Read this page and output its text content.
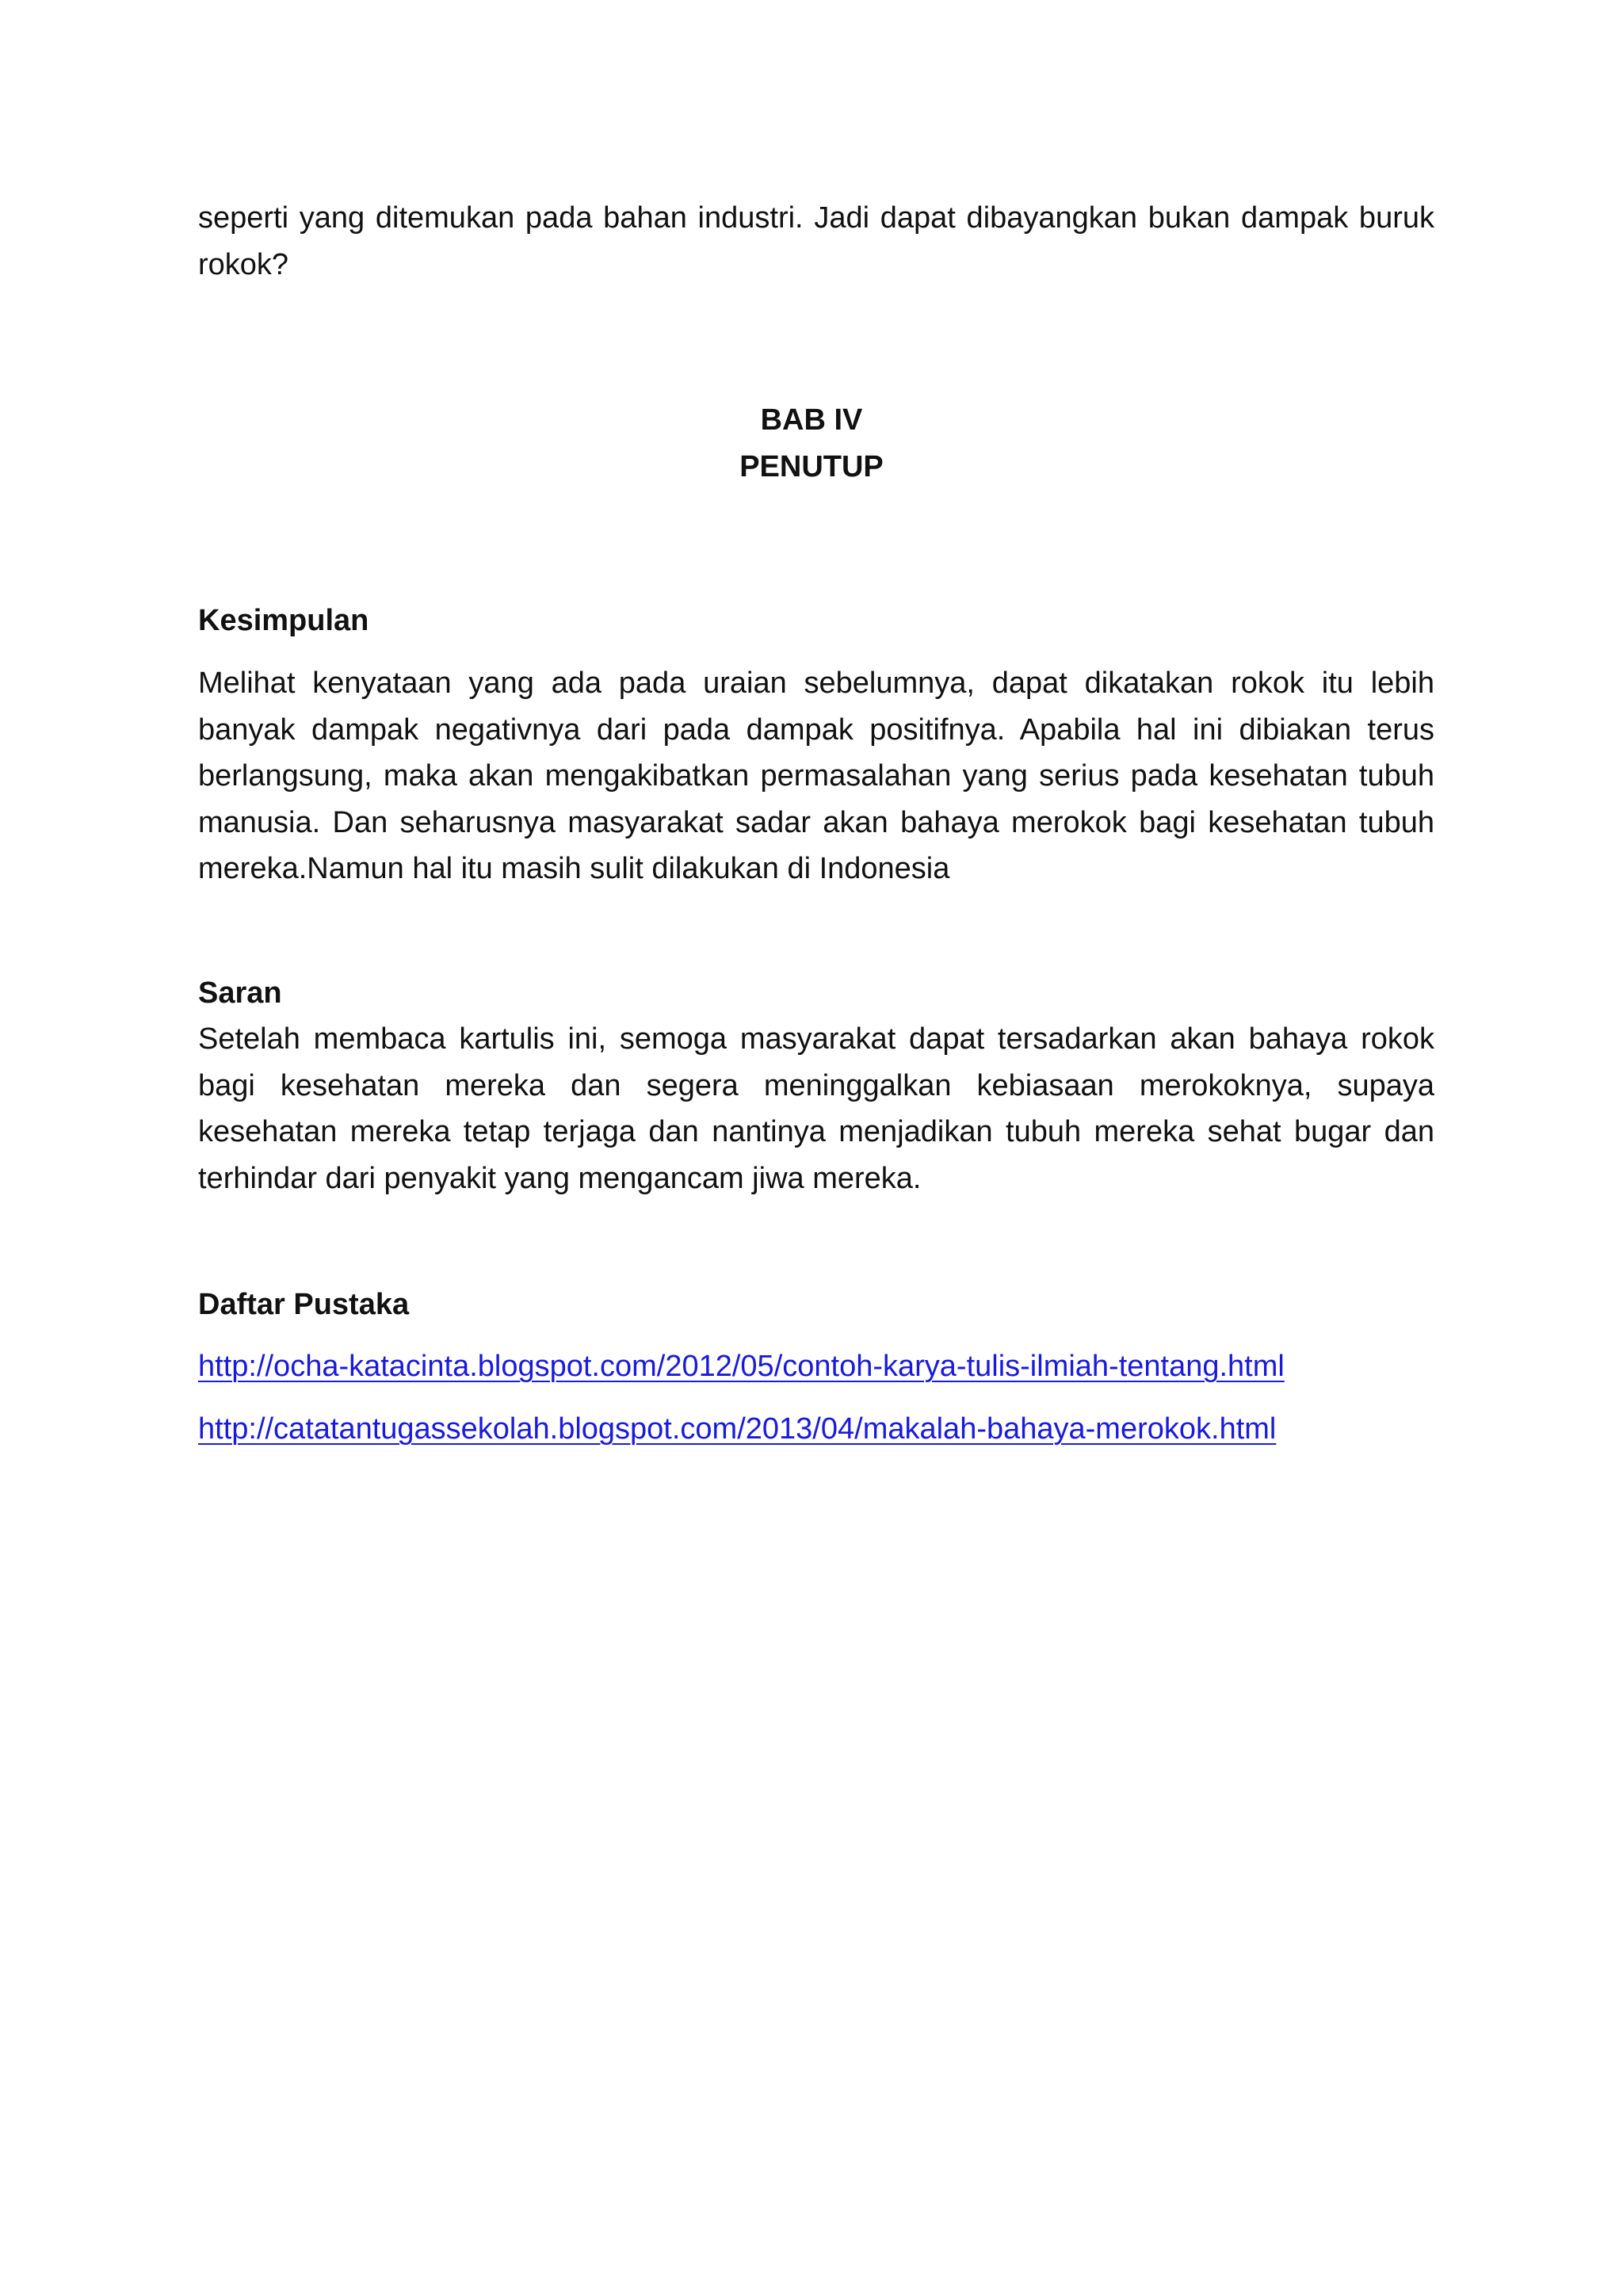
seperti yang ditemukan pada bahan industri. Jadi dapat dibayangkan bukan dampak buruk rokok?

BAB IV
PENUTUP
Kesimpulan

Melihat kenyataan yang ada pada uraian sebelumnya, dapat dikatakan rokok itu lebih banyak dampak negativnya dari pada dampak positifnya. Apabila hal ini dibiakan terus berlangsung, maka akan mengakibatkan permasalahan yang serius pada kesehatan tubuh manusia. Dan seharusnya masyarakat sadar akan bahaya merokok bagi kesehatan tubuh mereka.Namun hal itu masih sulit dilakukan di Indonesia

Saran

Setelah membaca kartulis ini, semoga masyarakat dapat tersadarkan akan bahaya rokok bagi kesehatan mereka dan segera meninggalkan kebiasaan merokoknya, supaya kesehatan mereka tetap terjaga dan nantinya menjadikan tubuh mereka sehat bugar dan terhindar dari penyakit yang mengancam jiwa mereka.

Daftar Pustaka
http://ocha-katacinta.blogspot.com/2012/05/contoh-karya-tulis-ilmiah-tentang.html
http://catatantugassekolah.blogspot.com/2013/04/makalah-bahaya-merokok.html
